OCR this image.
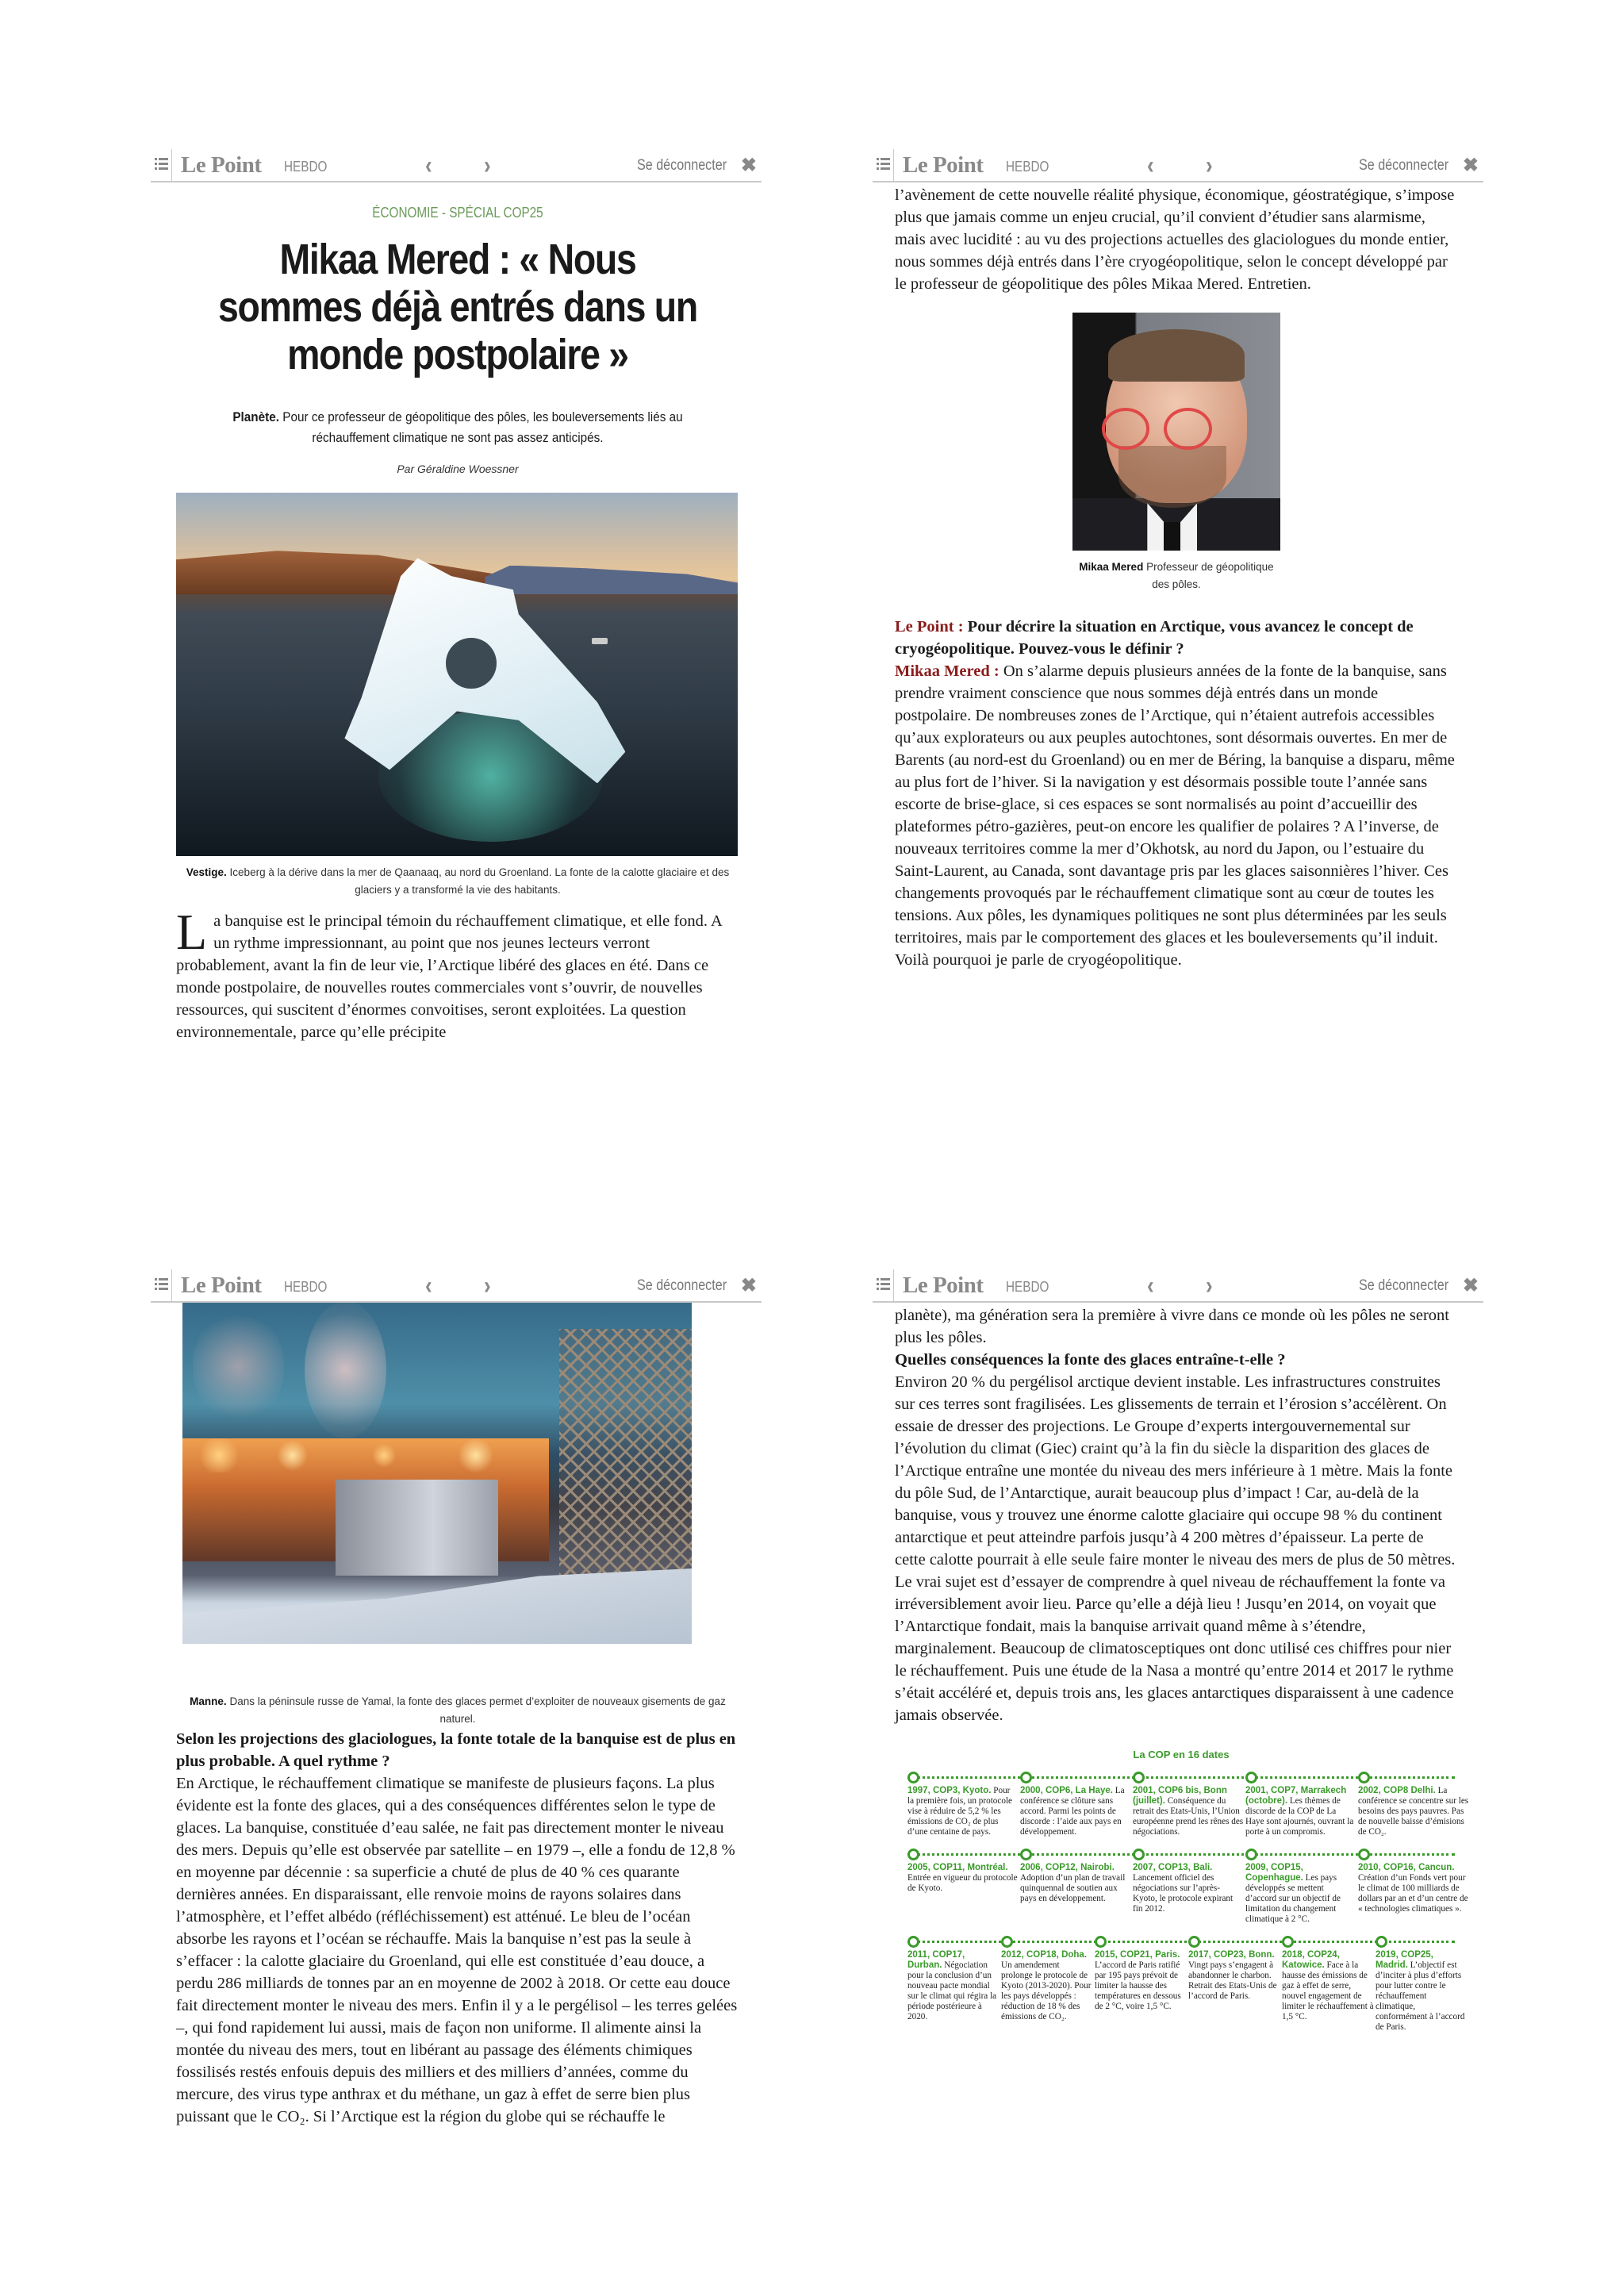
Le Point HEBDO	‹	›	Se déconnecter ✖
ÉCONOMIE - SPÉCIAL COP25
Mikaa Mered : « Nous sommes déjà entrés dans un monde postpolaire »
Planète. Pour ce professeur de géopolitique des pôles, les bouleversements liés au réchauffement climatique ne sont pas assez anticipés.
Par Géraldine Woessner
Vestige. Iceberg à la dérive dans la mer de Qaanaaq, au nord du Groenland. La fonte de la calotte glaciaire et des glaciers y a transformé la vie des habitants.
La banquise est le principal témoin du réchauffement climatique, et elle fond. A un rythme impressionnant, au point que nos jeunes lecteurs verront probablement, avant la fin de leur vie, l’Arctique libéré des glaces en été. Dans ce monde postpolaire, de nouvelles routes commerciales vont s’ouvrir, de nouvelles ressources, qui suscitent d’énormes convoitises, seront exploitées. La question environnementale, parce qu’elle précipite
Le Point HEBDO	‹	›	Se déconnecter ✖
l’avènement de cette nouvelle réalité physique, économique, géostratégique, s’impose plus que jamais comme un enjeu crucial, qu’il convient d’étudier sans alarmisme, mais avec lucidité : au vu des projections actuelles des glaciologues du monde entier, nous sommes déjà entrés dans l’ère cryogéopolitique, selon le concept développé par le professeur de géopolitique des pôles Mikaa Mered. Entretien.
Mikaa Mered Professeur de géopolitique des pôles.

Le Point : Pour décrire la situation en Arctique, vous avancez le concept de cryogéopolitique. Pouvez-vous le définir ?

Mikaa Mered : On s’alarme depuis plusieurs années de la fonte de la banquise, sans prendre vraiment conscience que nous sommes déjà entrés dans un monde postpolaire. De nombreuses zones de l’Arctique, qui n’étaient autrefois accessibles qu’aux explorateurs ou aux peuples autochtones, sont désormais ouvertes. En mer de Barents (au nord-est du Groenland) ou en mer de Béring, la banquise a disparu, même au plus fort de l’hiver. Si la navigation y est désormais possible toute l’année sans escorte de brise-glace, si ces espaces se sont normalisés au point d’accueillir des plateformes pétro-gazières, peut-on encore les qualifier de polaires ? A l’inverse, de nouveaux territoires comme la mer d’Okhotsk, au nord du Japon, ou l’estuaire du Saint-Laurent, au Canada, sont davantage pris par les glaces saisonnières l’hiver. Ces changements provoqués par le réchauffement climatique sont au cœur de toutes les tensions. Aux pôles, les dynamiques politiques ne sont plus déterminées par les seuls territoires, mais par le comportement des glaces et les bouleversements qu’il induit. Voilà pourquoi je parle de cryogéopolitique.

Le Point HEBDO	‹	›	Se déconnecter ✖
Manne. Dans la péninsule russe de Yamal, la fonte des glaces permet d’exploiter de nouveaux gisements de gaz naturel.

Selon les projections des glaciologues, la fonte totale de la banquise est de plus en plus probable. A quel rythme ?

En Arctique, le réchauffement climatique se manifeste de plusieurs façons. La plus évidente est la fonte des glaces, qui a des conséquences différentes selon le type de glaces. La banquise, constituée d’eau salée, ne fait pas directement monter le niveau des mers. Depuis qu’elle est observée par satellite – en 1979 –, elle a fondu de 12,8 % en moyenne par décennie : sa superficie a chuté de plus de 40 % ces quarante dernières années. En disparaissant, elle renvoie moins de rayons solaires dans l’atmosphère, et l’effet albédo (réfléchissement) est atténué. Le bleu de l’océan absorbe les rayons et l’océan se réchauffe. Mais la banquise n’est pas la seule à s’effacer : la calotte glaciaire du Groenland, qui elle est constituée d’eau douce, a perdu 286 milliards de tonnes par an en moyenne de 2002 à 2018. Or cette eau douce fait directement monter le niveau des mers. Enfin il y a le pergélisol – les terres gelées –, qui fond rapidement lui aussi, mais de façon non uniforme. Il alimente ainsi la montée du niveau des mers, tout en libérant au passage des éléments chimiques fossilisés restés enfouis depuis des milliers et des milliers d’années, comme du mercure, des virus type anthrax et du méthane, un gaz à effet de serre bien plus puissant que le CO₂. Si l’Arctique est la région du globe qui se réchauffe le

Le Point HEBDO	‹	›	Se déconnecter ✖
planète), ma génération sera la première à vivre dans ce monde où les pôles ne seront plus les pôles.

Quelles conséquences la fonte des glaces entraîne-t-elle ?

Environ 20 % du pergélisol arctique devient instable. Les infrastructures construites sur ces terres sont fragilisées. Les glissements de terrain et l’érosion s’accélèrent. On essaie de dresser des projections. Le Groupe d’experts intergouvernemental sur l’évolution du climat (Giec) craint qu’à la fin du siècle la disparition des glaces de l’Arctique entraîne une montée du niveau des mers inférieure à 1 mètre. Mais la fonte du pôle Sud, de l’Antarctique, aurait beaucoup plus d’impact ! Car, au-delà de la banquise, vous y trouvez une énorme calotte glaciaire qui occupe 98 % du continent antarctique et peut atteindre parfois jusqu’à 4 200 mètres d’épaisseur. La perte de cette calotte pourrait à elle seule faire monter le niveau des mers de plus de 50 mètres. Le vrai sujet est d’essayer de comprendre à quel niveau de réchauffement la fonte va irréversiblement avoir lieu. Parce qu’elle a déjà lieu ! Jusqu’en 2014, on voyait que l’Antarctique fondait, mais la banquise arrivait quand même à s’étendre, marginalement. Beaucoup de climatosceptiques ont donc utilisé ces chiffres pour nier le réchauffement. Puis une étude de la Nasa a montré qu’entre 2014 et 2017 le rythme s’était accéléré et, depuis trois ans, les glaces antarctiques disparaissent à une cadence jamais observée.

La COP en 16 dates
1997, COP3, Kyoto. Pour la première fois, un protocole vise à réduire de 5,2 % les émissions de CO₂ de plus d’une centaine de pays.
2000, COP6, La Haye. La conférence se clôture sans accord. Parmi les points de discorde : l’aide aux pays en développement.
2001, COP6 bis, Bonn (juillet). Conséquence du retrait des Etats-Unis, l’Union européenne prend les rênes des négociations.
2001, COP7, Marrakech (octobre). Les thèmes de discorde de la COP de La Haye sont ajournés, ouvrant la porte à un compromis.
2002, COP8 Delhi. La conférence se concentre sur les besoins des pays pauvres. Pas de nouvelle baisse d’émisions de CO₂.
2005, COP11, Montréal. Entrée en vigueur du protocole de Kyoto.
2006, COP12, Nairobi. Adoption d’un plan de travail quinquennal de soutien aux pays en développement.
2007, COP13, Bali. Lancement officiel des négociations sur l’après-Kyoto, le protocole expirant fin 2012.
2009, COP15, Copenhague. Les pays développés se mettent d’accord sur un objectif de limitation du changement climatique à 2 °C.
2010, COP16, Cancun. Création d’un Fonds vert pour le climat de 100 milliards de dollars par an et d’un centre de « technologies climatiques ».
2011, COP17, Durban. Négociation pour la conclusion d’un nouveau pacte mondial sur le climat qui régira la période postérieure à 2020.
2012, COP18, Doha. Un amendement prolonge le protocole de Kyoto (2013-2020). Pour les pays développés : réduction de 18 % des émissions de CO₂.
2015, COP21, Paris. L’accord de Paris ratifié par 195 pays prévoit de limiter la hausse des températures en dessous de 2 °C, voire 1,5 °C.
2017, COP23, Bonn. Vingt pays s’engagent à abandonner le charbon. Retrait des Etats-Unis de l’accord de Paris.
2018, COP24, Katowice. Face à la hausse des émissions de gaz à effet de serre, nouvel engagement de limiter le réchauffement à 1,5 °C.
2019, COP25, Madrid. L’objectif est d’inciter à plus d’efforts pour lutter contre le réchauffement climatique, conformément à l’accord de Paris.
